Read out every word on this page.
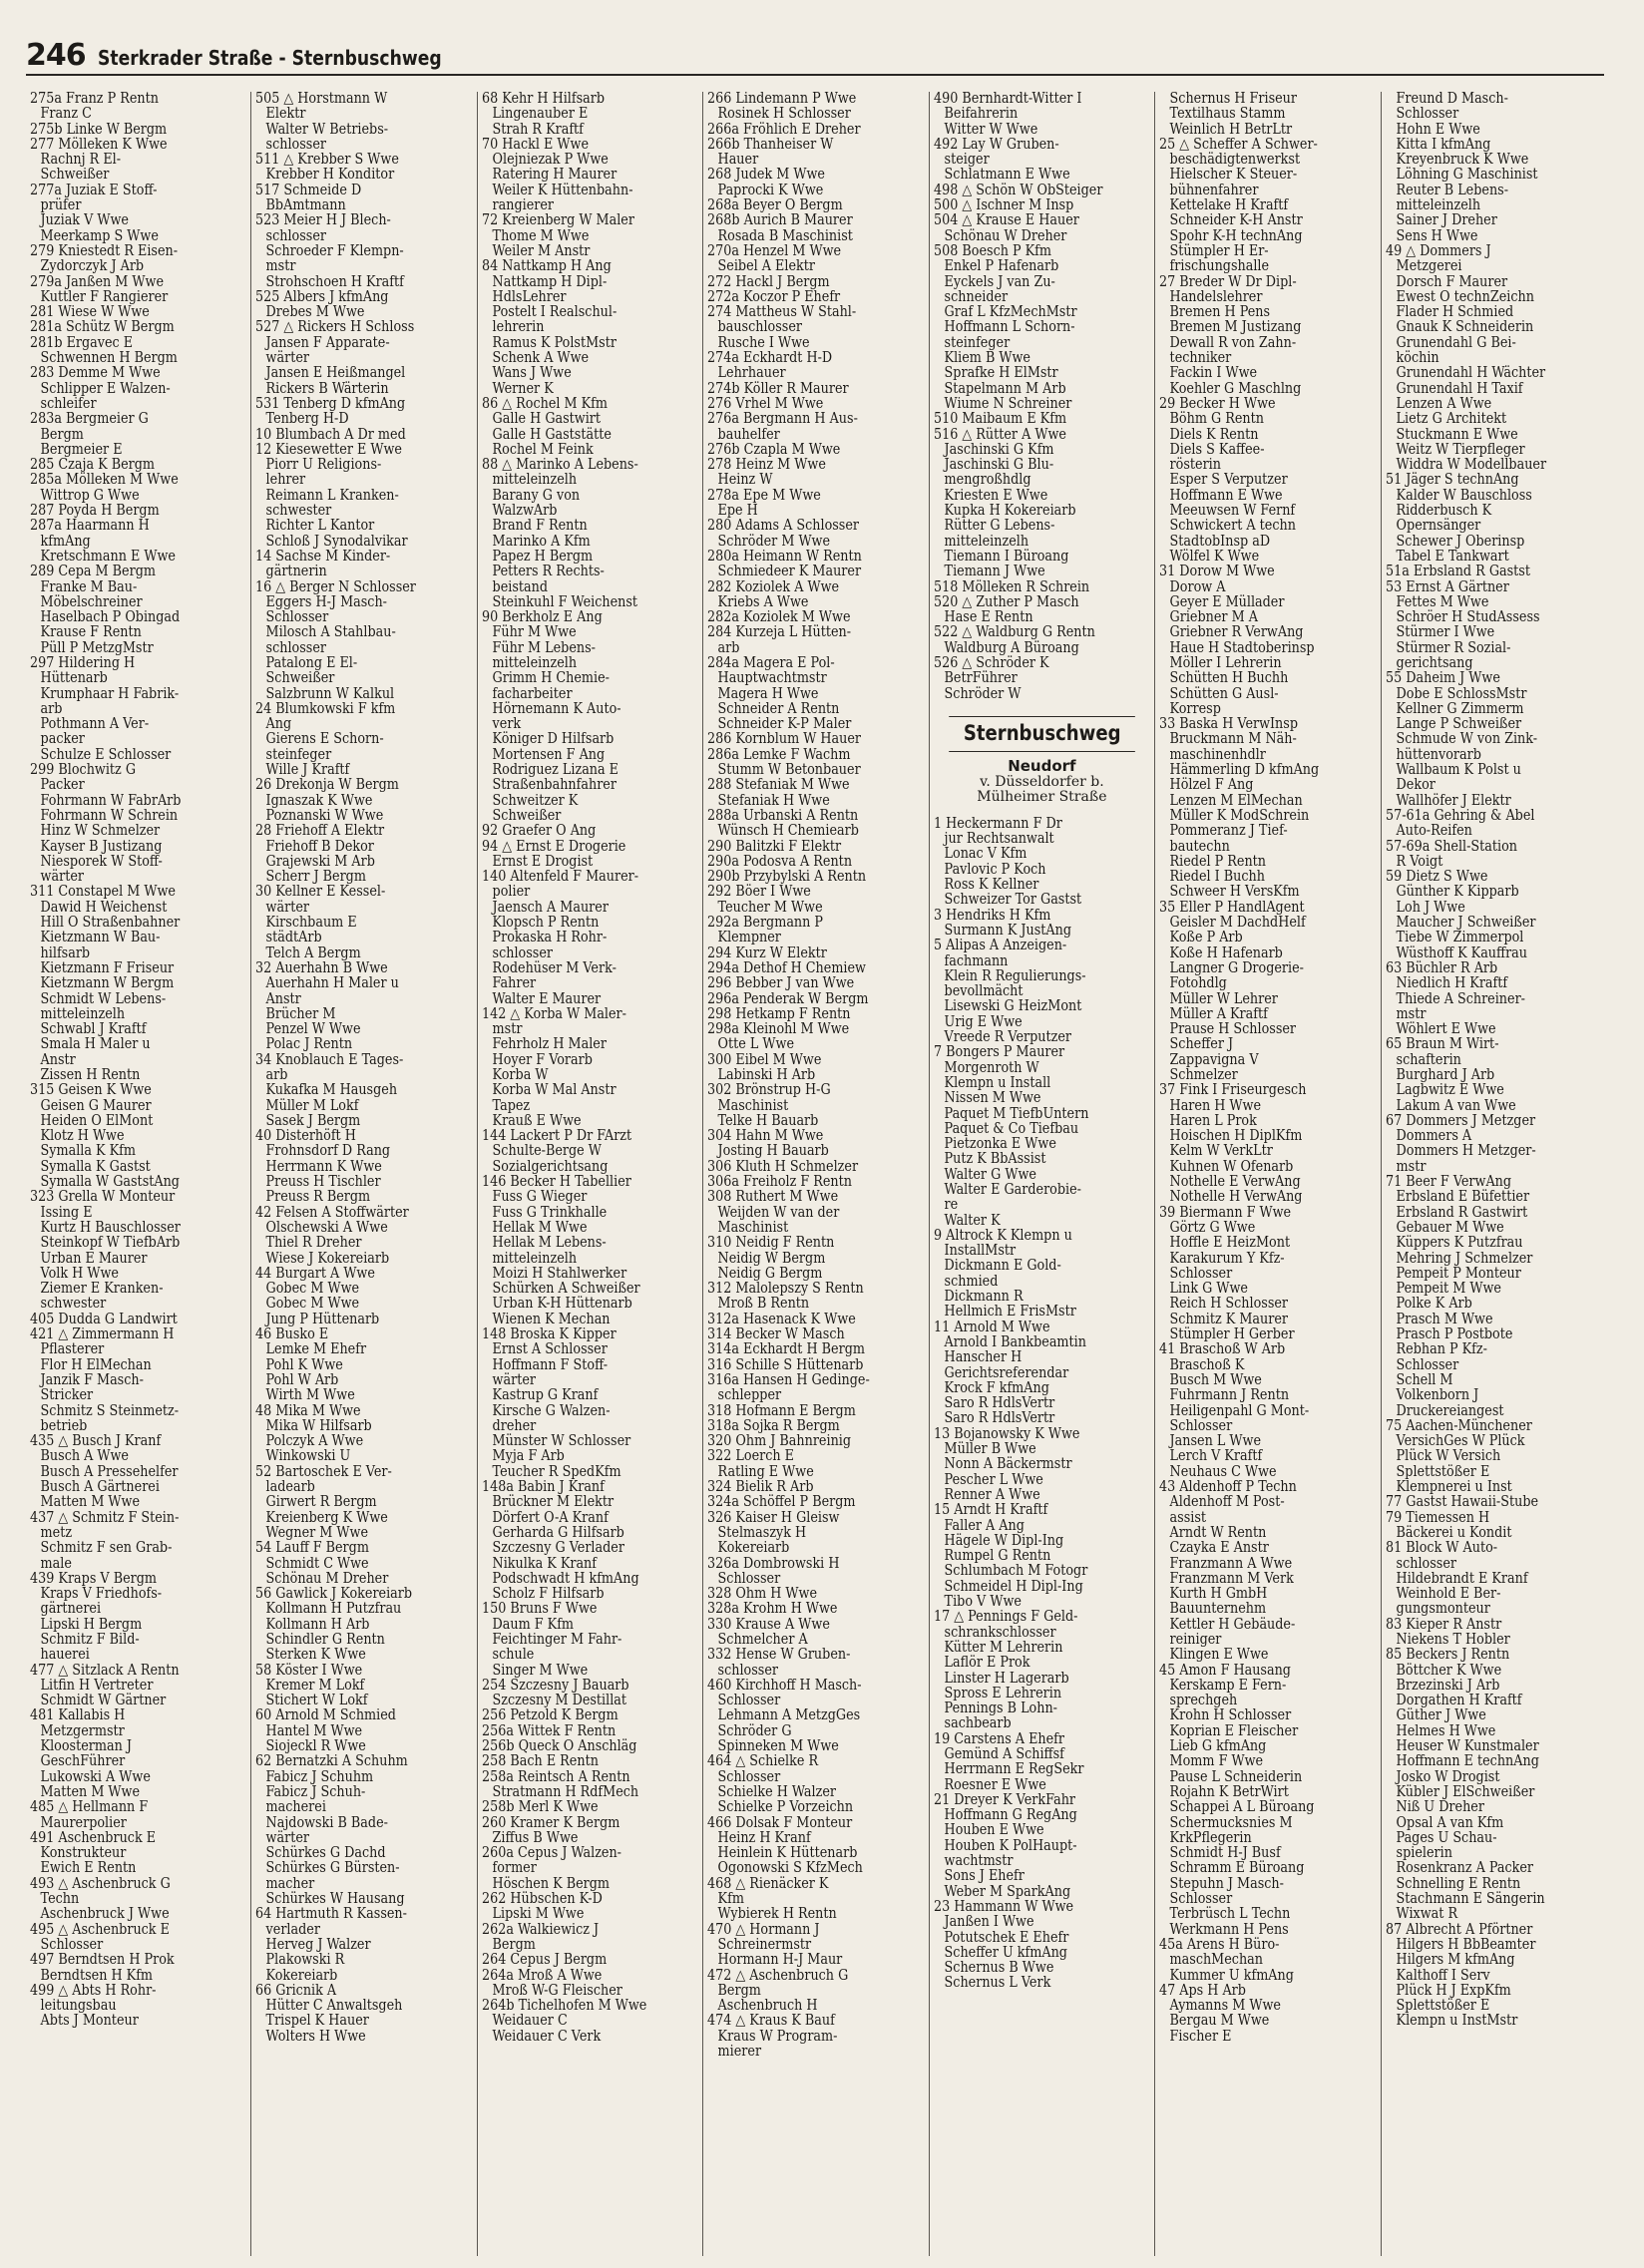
246 Sterkrader Straße - Sternbuschweg
275a Franz P Rentn
Franz C
275b Linke W Bergm
277 Mölleken K Wwe
Rachnj R El-
Schweißer
277a Juziak E Stoff-
prüfer
Juziak V Wwe
Meerkamp S Wwe
279 Kniestedt R Eisen-
Zydorczyk J Arb
279a Janßen M Wwe
Kuttler F Rangierer
281 Wiese W Wwe
281a Schütz W Bergm
281b Ergavec E
Schwennen H Bergm
283 Demme M Wwe
Schlipper E Walzen-
schleifer
283a Bergmeier G
Bergm
Bergmeier E
285 Czaja K Bergm
285a Mölleken M Wwe
Wittrop G Wwe
287 Poyda H Bergm
287a Haarmann H
kfmAng
Kretschmann E Wwe
289 Cepa M Bergm
Franke M Bau-
Möbelschreiner
Haselbach P Obingad
Krause F Rentn
Püll P MetzgMstr
297 Hildering H
Hüttenarb
Krumphaar H Fabrik-
arb
Pothmann A Ver-
packer
Schulze E Schlosser
299 Blochwitz G
Packer
Fohrmann W FabrArb
Fohrmann W Schrein
Hinz W Schmelzer
Kayser B Justizang
Niesporek W Stoff-
wärter
311 Constapel M Wwe
Dawid H Weichenst
Hill O Straßenbahner
Kietzmann W Bau-
hilfsarb
Kietzmann F Friseur
Kietzmann W Bergm
Schmidt W Lebens-
mitteleinzelh
Schwabl J Kraftf
Smala H Maler u
Anstr
Zissen H Rentn
315 Geisen K Wwe
Geisen G Maurer
Heiden O ElMont
Klotz H Wwe
Symalla K Kfm
Symalla K Gastst
Symalla W GaststAng
323 Grella W Monteur
Issing E
Kurtz H Bauschlosser
Steinkopf W TiefbArb
Urban E Maurer
Volk H Wwe
Ziemer E Kranken-
schwester
405 Dudda G Landwirt
421 △ Zimmermann H
Pflasterer
Flor H ElMechan
Janzik F Masch-
Stricker
Schmitz S Steinmetz-
betrieb
435 △ Busch J Kranf
Busch A Wwe
Busch A Pressehelfer
Busch A Gärtnerei
Matten M Wwe
437 △ Schmitz F Stein-
metz
Schmitz F sen Grab-
male
439 Kraps V Bergm
Kraps V Friedhofs-
gärtnerei
Lipski H Bergm
Schmitz F Bild-
hauerei
477 △ Sitzlack A Rentn
Litfin H Vertreter
Schmidt W Gärtner
481 Kallabis H
Metzgermstr
Kloosterman J
GeschFührer
Lukowski A Wwe
Matten M Wwe
485 △ Hellmann F
Maurerpolier
491 Aschenbruck E
Konstrukteur
Ewich E Rentn
493 △ Aschenbruck G
Techn
Aschenbruck J Wwe
495 △ Aschenbruck E
Schlosser
497 Berndtsen H Prok
Berndtsen H Kfm
499 △ Abts H Rohr-
leitungsbau
Abts J Monteur
505 △ Horstmann W
Elektr
Walter W Betriebs-
schlosser
511 △ Krebber S Wwe
Krebber H Konditor
517 Schmeide D
BbAmtmann
523 Meier H J Blech-
schlosser
Schroeder F Klempn-
mstr
Strohschoen H Kraftf
525 Albers J kfmAng
Drebes M Wwe
527 △ Rickers H Schloss
Jansen F Apparate-
wärter
Jansen E Heißmangel
Rickers B Wärterin
531 Tenberg D kfmAng
Tenberg H-D
10 Blumbach A Dr med
12 Kiesewetter E Wwe
Piorr U Religions-
lehrer
Reimann L Kranken-
schwester
Richter L Kantor
Schloß J Synodalvikar
14 Sachse M Kinder-
gärtnerin
16 △ Berger N Schlosser
Eggers H-J Masch-
Schlosser
Milosch A Stahlbau-
schlosser
Patalong E El-
Schweißer
Salzbrunn W Kalkul
24 Blumkowski F kfm
Ang
Gierens E Schorn-
steinfeger
Wille J Kraftf
26 Drekonja W Bergm
Ignaszak K Wwe
Poznanski W Wwe
28 Friehoff A Elektr
Friehoff B Dekor
Grajewski M Arb
Scherr J Bergm
30 Kellner E Kessel-
wärter
Kirschbaum E
städtArb
Telch A Bergm
32 Auerhahn B Wwe
Auerhahn H Maler u
Anstr
Brücher M
Penzel W Wwe
Polac J Rentn
34 Knoblauch E Tages-
arb
Kukafka M Hausgeh
Müller M Lokf
Sasek J Bergm
40 Disterhöft H
Frohnsdorf D Rang
Herrmann K Wwe
Preuss H Tischler
Preuss R Bergm
42 Felsen A Stoffwärter
Olschewski A Wwe
Thiel R Dreher
Wiese J Kokereiarb
44 Burgart A Wwe
Gobec M Wwe
Gobec M Wwe
Jung P Hüttenarb
46 Busko E
Lemke M Ehefr
Pohl K Wwe
Pohl W Arb
Wirth M Wwe
48 Mika M Wwe
Mika W Hilfsarb
Polczyk A Wwe
Winkowski U
52 Bartoschek E Ver-
ladearb
Girwert R Bergm
Kreienberg K Wwe
Wegner M Wwe
54 Lauff F Bergm
Schmidt C Wwe
Schönau M Dreher
56 Gawlick J Kokereiarb
Kollmann H Putzfrau
Kollmann H Arb
Schindler G Rentn
Sterken K Wwe
58 Köster I Wwe
Kremer M Lokf
Stichert W Lokf
60 Arnold M Schmied
Hantel M Wwe
Siojeckl R Wwe
62 Bernatzki A Schuhm
Fabicz J Schuhm
Fabicz J Schuh-
macherei
Najdowski B Bade-
wärter
Schürkes G Dachd
Schürkes G Bürsten-
macher
Schürkes W Hausang
64 Hartmuth R Kassen-
verlader
Herveg J Walzer
Plakowski R
Kokereiarb
66 Gricnik A
Hütter C Anwaltsgeh
Trispel K Hauer
Wolters H Wwe
68 Kehr H Hilfsarb
Lingenauber E
Strah R Kraftf
70 Hackl E Wwe
Olejniezak P Wwe
Ratering H Maurer
Weiler K Hüttenbahn-
rangierer
72 Kreienberg W Maler
Thome M Wwe
Weiler M Anstr
84 Nattkamp H Ang
Nattkamp H Dipl-
HdlsLehrer
Postelt I Realschul-
lehrerin
Ramus K PolstMstr
Schenk A Wwe
Wans J Wwe
Werner K
86 △ Rochel M Kfm
Galle H Gastwirt
Galle H Gaststätte
Rochel M Feink
88 △ Marinko A Lebens-
mitteleinzelh
Barany G von
WalzwArb
Brand F Rentn
Marinko A Kfm
Papez H Bergm
Petters R Rechts-
beistand
Steinkuhl F Weichenst
90 Berkholz E Ang
Führ M Wwe
Führ M Lebens-
mitteleinzelh
Grimm H Chemie-
facharbeiter
Hörnemann K Auto-
verk
Königer D Hilfsarb
Mortensen F Ang
Rodriguez Lizana E
Straßenbahnfahrer
Schweitzer K
Schweißer
92 Graefer O Ang
94 △ Ernst E Drogerie
Ernst E Drogist
140 Altenfeld F Maurer-
polier
Jaensch A Maurer
Klopsch P Rentn
Prokaska H Rohr-
schlosser
Rodehüser M Verk-
Fahrer
Walter E Maurer
142 △ Korba W Maler-
mstr
Fehrholz H Maler
Hoyer F Vorarb
Korba W
Korba W Mal Anstr
Tapez
Krauß E Wwe
144 Lackert P Dr FArzt
Schulte-Berge W
Sozialgerichtsang
146 Becker H Tabellier
Fuss G Wieger
Fuss G Trinkhalle
Hellak M Wwe
Hellak M Lebens-
mitteleinzelh
Moizi H Stahlwerker
Schürken A Schweißer
Urban K-H Hüttenarb
Wienen K Mechan
148 Broska K Kipper
Ernst A Schlosser
Hoffmann F Stoff-
wärter
Kastrup G Kranf
Kirsche G Walzen-
dreher
Münster W Schlosser
Myja F Arb
Teucher R SpedKfm
148a Babin J Kranf
Brückner M Elektr
Dörfert O-A Kranf
Gerharda G Hilfsarb
Szczesny G Verlader
Nikulka K Kranf
Podschwadt H kfmAng
Scholz F Hilfsarb
150 Bruns F Wwe
Daum F Kfm
Feichtinger M Fahr-
schule
Singer M Wwe
254 Szczesny J Bauarb
Szczesny M Destillat
256 Petzold K Bergm
256a Wittek F Rentn
256b Queck O Anschläg
258 Bach E Rentn
258a Reintsch A Rentn
Stratmann H RdfMech
258b Merl K Wwe
260 Kramer K Bergm
Ziffus B Wwe
260a Cepus J Walzen-
former
Höschen K Bergm
262 Hübschen K-D
Lipski M Wwe
262a Walkiewicz J
Bergm
264 Cepus J Bergm
264a Mroß A Wwe
Mroß W-G Fleischer
264b Tichelhofen M Wwe
Weidauer C
Weidauer C Verk
266 Lindemann P Wwe
Rosinek H Schlosser
266a Fröhlich E Dreher
266b Thanheiser W
Hauer
268 Judek M Wwe
Paprocki K Wwe
268a Beyer O Bergm
268b Aurich B Maurer
Rosada B Maschinist
270a Henzel M Wwe
Seibel A Elektr
272 Hackl J Bergm
272a Koczor P Ehefr
274 Mattheus W Stahl-
bauschlosser
Rusche I Wwe
274a Eckhardt H-D
Lehrhauer
274b Köller R Maurer
276 Vrhel M Wwe
276a Bergmann H Aus-
bauhelfer
276b Czapla M Wwe
278 Heinz M Wwe
Heinz W
278a Epe M Wwe
Epe H
280 Adams A Schlosser
Schröder M Wwe
280a Heimann W Rentn
Schmiedeer K Maurer
282 Koziolek A Wwe
Kriebs A Wwe
282a Koziolek M Wwe
284 Kurzeja L Hütten-
arb
284a Magera E Pol-
Hauptwachtmstr
Magera H Wwe
Schneider A Rentn
Schneider K-P Maler
286 Kornblum W Hauer
286a Lemke F Wachm
Stumm W Betonbauer
288 Stefaniak M Wwe
Stefaniak H Wwe
288a Urbanski A Rentn
Wünsch H Chemiearb
290 Balitzki F Elektr
290a Podosva A Rentn
290b Przybylski A Rentn
292 Böer I Wwe
Teucher M Wwe
292a Bergmann P
Klempner
294 Kurz W Elektr
294a Dethof H Chemiew
296 Bebber J van Wwe
296a Penderak W Bergm
298 Hetkamp F Rentn
298a Kleinohl M Wwe
Otte L Wwe
300 Eibel M Wwe
Labinski H Arb
302 Brönstrup H-G
Maschinist
Telke H Bauarb
304 Hahn M Wwe
Josting H Bauarb
306 Kluth H Schmelzer
306a Freiholz F Rentn
308 Ruthert M Wwe
Weijden W van der
Maschinist
310 Neidig F Rentn
Neidig W Bergm
Neidig G Bergm
312 Malolepszy S Rentn
Mroß B Rentn
312a Hasenack K Wwe
314 Becker W Masch
314a Eckhardt H Bergm
316 Schille S Hüttenarb
316a Hansen H Gedinge-
schlepper
318 Hofmann E Bergm
318a Sojka R Bergm
320 Ohm J Bahnreinig
322 Loerch E
Ratling E Wwe
324 Bielik R Arb
324a Schöffel P Bergm
326 Kaiser H Gleisw
Stelmaszyk H
Kokereiarb
326a Dombrowski H
Schlosser
328 Ohm H Wwe
328a Krohm H Wwe
330 Krause A Wwe
Schmelcher A
332 Hense W Gruben-
schlosser
460 Kirchhoff H Masch-
Schlosser
Lehmann A MetzgGes
Schröder G
Spinneken M Wwe
464 △ Schielke R
Schlosser
Schielke H Walzer
Schielke P Vorzeichn
466 Dolsak F Monteur
Heinz H Kranf
Heinlein K Hüttenarb
Ogonowski S KfzMech
468 △ Rienäcker K
Kfm
Wybierek H Rentn
470 △ Hormann J
Schreinermstr
Hormann H-J Maur
472 △ Aschenbruch G
Bergm
Aschenbruch H
474 △ Kraus K Bauf
Kraus W Program-
mierer
490 Bernhardt-Witter I
Beifahrerin
Witter W Wwe
492 Lay W Gruben-
steiger
Schlatmann E Wwe
498 △ Schön W ObSteiger
500 △ Ischner M Insp
504 △ Krause E Hauer
Schönau W Dreher
508 Boesch P Kfm
Enkel P Hafenarb
Eyckels J van Zu-
schneider
Graf L KfzMechMstr
Hoffmann L Schorn-
steinfeger
Kliem B Wwe
Sprafke H ElMstr
Stapelmann M Arb
Wiume N Schreiner
510 Maibaum E Kfm
516 △ Rütter A Wwe
Jaschinski G Kfm
Jaschinski G Blu-
mengroßhdlg
Kriesten E Wwe
Kupka H Kokereiarb
Rütter G Lebens-
mitteleinzelh
Tiemann I Büroang
Tiemann J Wwe
518 Mölleken R Schrein
520 △ Zuther P Masch
Hase E Rentn
522 △ Waldburg G Rentn
Waldburg A Büroang
526 △ Schröder K
BetrFührer
Schröder W
Sternbuschweg
Neudorf
v. Düsseldorfer b.
Mülheimer Straße
1 Heckermann F Dr
jur Rechtsanwalt
Lonac V Kfm
Pavlovic P Koch
Ross K Kellner
Schweizer Tor Gastst
3 Hendriks H Kfm
Surmann K JustAng
5 Alipas A Anzeigen-
fachmann
Klein R Regulierungs-
bevollmächt
Lisewski G HeizMont
Urig E Wwe
Vreede R Verputzer
7 Bongers P Maurer
Morgenroth W
Klempn u Install
Nissen M Wwe
Paquet M TiefbUntern
Paquet & Co Tiefbau
Pietzonka E Wwe
Putz K BbAssist
Walter G Wwe
Walter E Garderobie-
re
Walter K
9 Altrock K Klempn u
InstallMstr
Dickmann E Gold-
schmied
Dickmann R
Hellmich E FrisMstr
11 Arnold M Wwe
Arnold I Bankbeamtin
Hanscher H
Gerichtsreferendar
Krock F kfmAng
Saro R HdlsVertr
Saro R HdlsVertr
13 Bojanowsky K Wwe
Müller B Wwe
Nonn A Bäckermstr
Pescher L Wwe
Renner A Wwe
15 Arndt H Kraftf
Faller A Ang
Hägele W Dipl-Ing
Rumpel G Rentn
Schlumbach M Fotogr
Schmeidel H Dipl-Ing
Tibo V Wwe
17 △ Pennings F Geld-
schrankschlosser
Kütter M Lehrerin
Laflör E Prok
Linster H Lagerarb
Spross E Lehrerin
Pennings B Lohn-
sachbearb
19 Carstens A Ehefr
Gemünd A Schiffsf
Herrmann E RegSekr
Roesner E Wwe
21 Dreyer K VerkFahr
Hoffmann G RegAng
Houben E Wwe
Houben K PolHaupt-
wachtmstr
Sons J Ehefr
Weber M SparkAng
23 Hammann W Wwe
Janßen I Wwe
Potutschek E Ehefr
Scheffer U kfmAng
Schernus B Wwe
Schernus L Verk
Schernus H Friseur
Textilhaus Stamm
Weinlich H BetrLtr
25 △ Scheffer A Schwer-
beschädigtenwerkst
Hielscher K Steuer-
bühnenfahrer
Kettelake H Kraftf
Schneider K-H Anstr
Spohr K-H technAng
Stümpler H Er-
frischungshalle
27 Breder W Dr Dipl-
Handelslehrer
Bremen H Pens
Bremen M Justizang
Dewall R von Zahn-
techniker
Fackin I Wwe
Koehler G Maschlng
29 Becker H Wwe
Böhm G Rentn
Diels K Rentn
Diels S Kaffee-
rösterin
Esper S Verputzer
Hoffmann E Wwe
Meeuwsen W Fernf
Schwickert A techn
StadtobInsp aD
Wölfel K Wwe
31 Dorow M Wwe
Dorow A
Geyer E Müllader
Griebner M A
Griebner R VerwAng
Haue H Stadtoberinsp
Möller I Lehrerin
Schütten H Buchh
Schütten G Ausl-
Korresp
33 Baska H VerwInsp
Bruckmann M Näh-
maschinenhdlr
Hämmerling D kfmAng
Hölzel F Ang
Lenzen M ElMechan
Müller K ModSchrein
Pommeranz J Tief-
bautechn
Riedel P Rentn
Riedel I Buchh
Schweer H VersKfm
35 Eller P HandlAgent
Geisler M DachdHelf
Koße P Arb
Koße H Hafenarb
Langner G Drogerie-
Fotohdlg
Müller W Lehrer
Müller A Kraftf
Prause H Schlosser
Scheffer J
Zappavigna V
Schmelzer
37 Fink I Friseurgesch
Haren H Wwe
Haren L Prok
Hoischen H DiplKfm
Kelm W VerkLtr
Kuhnen W Ofenarb
Nothelle E VerwAng
Nothelle H VerwAng
39 Biermann F Wwe
Görtz G Wwe
Hoffle E HeizMont
Karakurum Y Kfz-
Schlosser
Link G Wwe
Reich H Schlosser
Schmitz K Maurer
Stümpler H Gerber
41 Braschoß W Arb
Braschoß K
Busch M Wwe
Fuhrmann J Rentn
Heiligenpahl G Mont-
Schlosser
Jansen L Wwe
Lerch V Kraftf
Neuhaus C Wwe
43 Aldenhoff P Techn
Aldenhoff M Post-
assist
Arndt W Rentn
Czayka E Anstr
Franzmann A Wwe
Franzmann M Verk
Kurth H GmbH
Bauunternehm
Kettler H Gebäude-
reiniger
Klingen E Wwe
45 Amon F Hausang
Kerskamp E Fern-
sprechgeh
Krohn H Schlosser
Koprian E Fleischer
Lieb G kfmAng
Momm F Wwe
Pause L Schneiderin
Rojahn K BetrWirt
Schappei A L Büroang
Schermucksnies M
KrkPflegerin
Schmidt H-J Busf
Schramm E Büroang
Stepuhn J Masch-
Schlosser
Terbrüsch L Techn
Werkmann H Pens
45a Arens H Büro-
maschMechan
Kummer U kfmAng
47 Aps H Arb
Aymanns M Wwe
Bergau M Wwe
Fischer E
Freund D Masch-
Schlosser
Hohn E Wwe
Kitta I kfmAng
Kreyenbruck K Wwe
Löhning G Maschinist
Reuter B Lebens-
mitteleinzelh
Sainer J Dreher
Sens H Wwe
49 △ Dommers J
Metzgerei
Dorsch F Maurer
Ewest O technZeichn
Flader H Schmied
Gnauk K Schneiderin
Grunendahl G Bei-
köchin
Grunendahl H Wächter
Grunendahl H Taxif
Lenzen A Wwe
Lietz G Architekt
Stuckmann E Wwe
Weitz W Tierpfleger
Widdra W Modellbauer
51 Jäger S technAng
Kalder W Bauschloss
Ridderbusch K
Opernsänger
Schewer J Oberinsp
Tabel E Tankwart
51a Erbsland R Gastst
53 Ernst A Gärtner
Fettes M Wwe
Schröer H StudAssess
Stürmer I Wwe
Stürmer R Sozial-
gerichtsang
55 Daheim J Wwe
Dobe E SchlossMstr
Kellner G Zimmerm
Lange P Schweißer
Schmude W von Zink-
hüttenvorarb
Wallbaum K Polst u
Dekor
Wallhöfer J Elektr
57-61a Gehring & Abel
Auto-Reifen
57-69a Shell-Station
R Voigt
59 Dietz S Wwe
Günther K Kipparb
Loh J Wwe
Maucher J Schweißer
Tiebe W Zimmerpol
Wüsthoff K Kauffrau
63 Büchler R Arb
Niedlich H Kraftf
Thiede A Schreiner-
mstr
Wöhlert E Wwe
65 Braun M Wirt-
schafterin
Burghard J Arb
Lagbwitz E Wwe
Lakum A van Wwe
67 Dommers J Metzger
Dommers A
Dommers H Metzger-
mstr
71 Beer F VerwAng
Erbsland E Büfettier
Erbsland R Gastwirt
Gebauer M Wwe
Küppers K Putzfrau
Mehring J Schmelzer
Pempeit P Monteur
Pempeit M Wwe
Polke K Arb
Prasch M Wwe
Prasch P Postbote
Rebhan P Kfz-
Schlosser
Schell M
Volkenborn J
Druckereiangest
75 Aachen-Münchener
VersichGes W Plück
Plück W Versich
Splettstößer E
Klempnerei u Inst
77 Gastst Hawaii-Stube
79 Tiemessen H
Bäckerei u Kondit
81 Block W Auto-
schlosser
Hildebrandt E Kranf
Weinhold E Ber-
gungsmonteur
83 Kieper R Anstr
Niekens T Hobler
85 Beckers J Rentn
Böttcher K Wwe
Brzezinski J Arb
Dorgathen H Kraftf
Güther J Wwe
Helmes H Wwe
Heuser W Kunstmaler
Hoffmann E technAng
Josko W Drogist
Kübler J ElSchweißer
Niß U Dreher
Opsal A van Kfm
Pages U Schau-
spielerin
Rosenkranz A Packer
Schnelling E Rentn
Stachmann E Sängerin
Wixwat R
87 Albrecht A Pförtner
Hilgers H BbBeamter
Hilgers M kfmAng
Kalthoff I Serv
Plück H J ExpKfm
Splettstößer E
Klempn u InstMstr
